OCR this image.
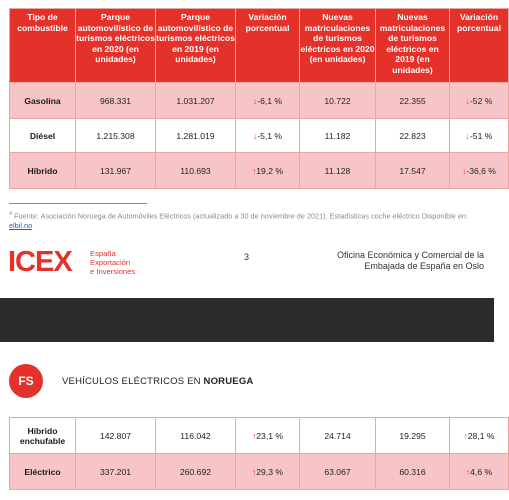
Tipo de combustible	Parque automovilístico de turismos eléctricos en 2020 (en unidades)	Parque automovilístico de turismos eléctricos en 2019 (en unidades)	Variación porcentual	Nuevas matriculaciones de turismos eléctricos en 2020 (en unidades)	Nuevas matriculaciones de turismos eléctricos en 2019 (en unidades)	Variación porcentual
Gasolina	968.331	1.031.207	↓-6,1 %	10.722	22.355	↓-52 %
Diésel	1.215.308	1.281.019	↓-5,1 %	11.182	22.823	↓-51 %
Híbrido	131.967	110.693	↑19,2 %	11.128	17.547	↓-36,6 %
$^4$ Fuente: Asociación Noruega de Automóviles Eléctricos (actualizado a 30 de noviembre de 2021). Estadísticas coche eléctrico Disponible en:
elbil.no
ICEX España
Exportación
e Inversiones
3	Oficina Económica y Comercial de la
Embajada de España en Oslo
FS	VEHÍCULOS ELÉCTRICOS EN NORUEGA
Híbrido enchufable	142.807	116.042	↑23,1 %	24.714	19.295	↑28,1 %
Eléctrico	337.201	260.692	↑29,3 %	63.067	60.316	↑4,6 %
